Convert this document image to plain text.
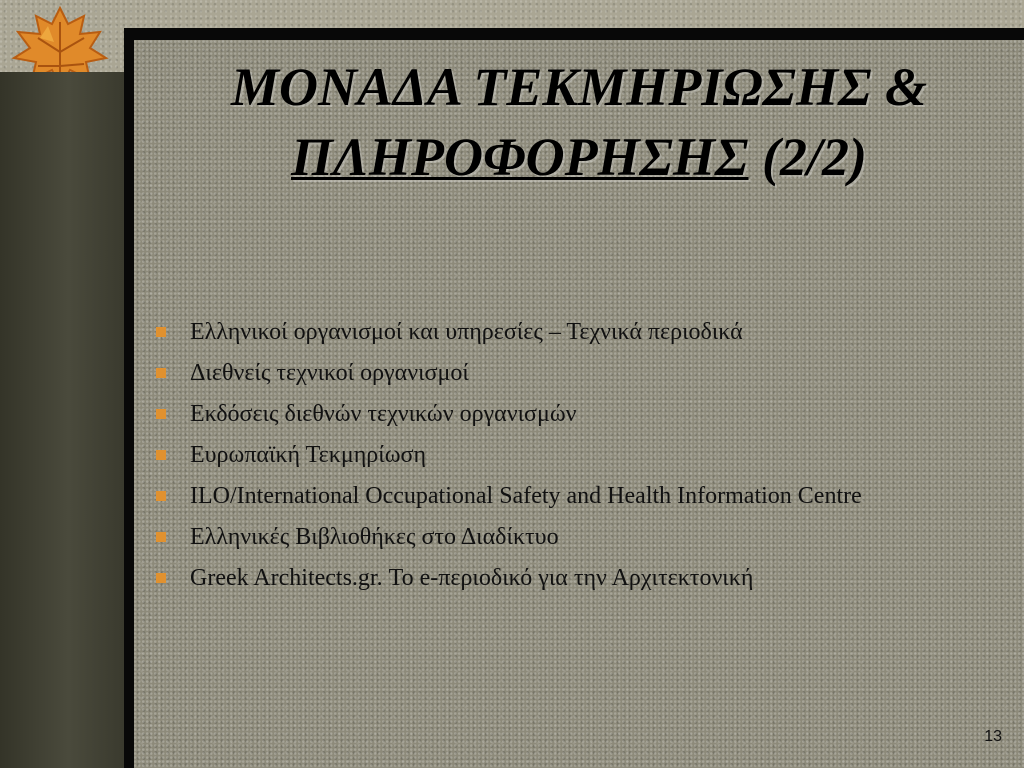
ΜΟΝΑΔΑ ΤΕΚΜΗΡΙΩΣΗΣ &
ΠΛΗΡΟΦΟΡΗΣΗΣ (2/2)
Ελληνικοί οργανισμοί και υπηρεσίες – Τεχνικά περιοδικά
Διεθνείς τεχνικοί οργανισμοί
Εκδόσεις διεθνών τεχνικών οργανισμών
Ευρωπαϊκή Τεκμηρίωση
ILO/International Occupational Safety and Health Information Centre
Ελληνικές Βιβλιοθήκες στο Διαδίκτυο
Greek Architects.gr. Το e-περιοδικό για την Αρχιτεκτονική
13
